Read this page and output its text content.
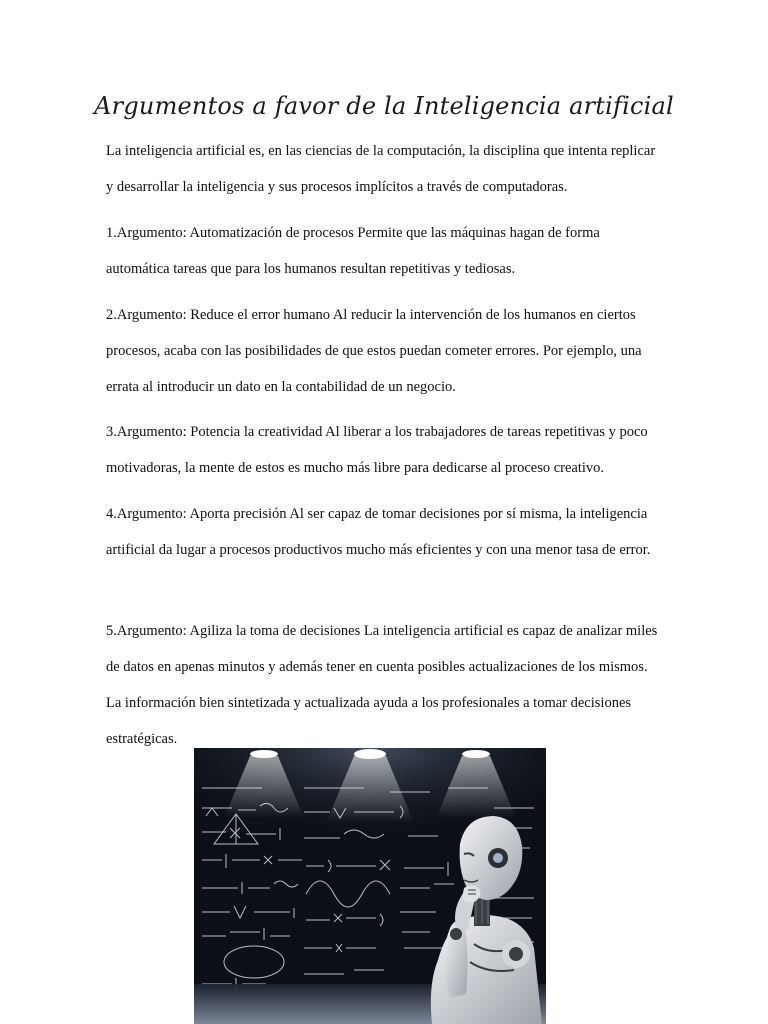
Argumentos a favor de la Inteligencia artificial

La inteligencia artificial es, en las ciencias de la computación, la disciplina que intenta replicar y desarrollar la inteligencia y sus procesos implícitos a través de computadoras.

1.Argumento: Automatización de procesos Permite que las máquinas hagan de forma automática tareas que para los humanos resultan repetitivas y tediosas.

2.Argumento: Reduce el error humano Al reducir la intervención de los humanos en ciertos procesos, acaba con las posibilidades de que estos puedan cometer errores. Por ejemplo, una errata al introducir un dato en la contabilidad de un negocio.

3.Argumento: Potencia la creatividad Al liberar a los trabajadores de tareas repetitivas y poco motivadoras, la mente de estos es mucho más libre para dedicarse al proceso creativo.

4.Argumento: Aporta precisión Al ser capaz de tomar decisiones por sí misma, la inteligencia artificial da lugar a procesos productivos mucho más eficientes y con una menor tasa de error.

5.Argumento: Agiliza la toma de decisiones La inteligencia artificial es capaz de analizar miles de datos en apenas minutos y además tener en cuenta posibles actualizaciones de los mismos. La información bien sintetizada y actualizada ayuda a los profesionales a tomar decisiones estratégicas.
